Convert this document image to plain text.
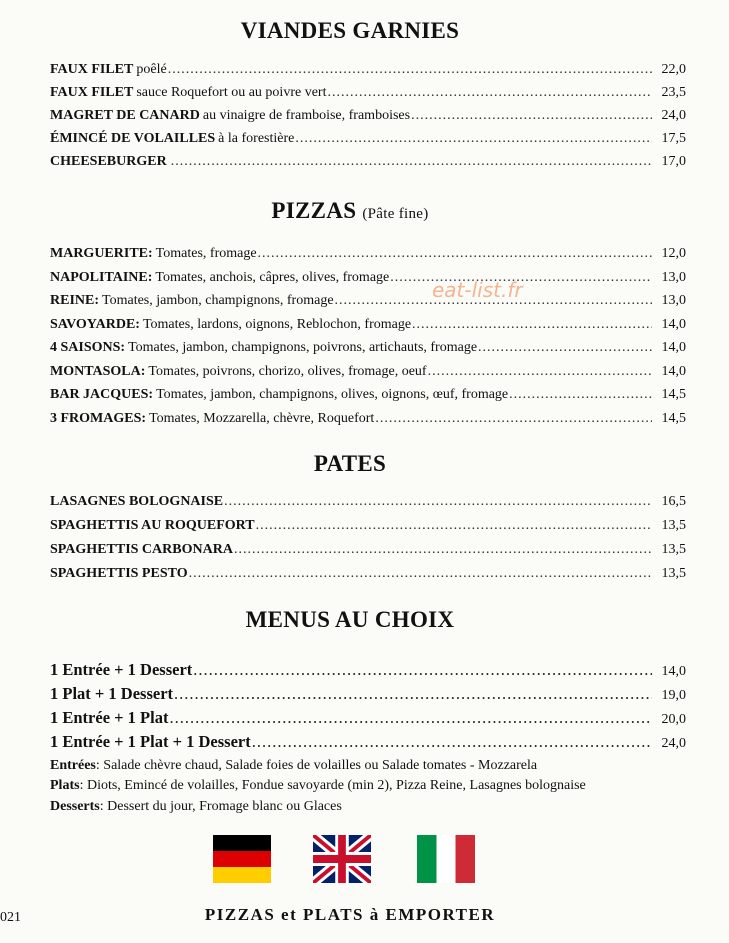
VIANDES GARNIES
FAUX FILET poêlé .....	22,0
FAUX FILET sauce Roquefort ou au poivre vert .....	23,5
MAGRET DE CANARD au vinaigre de framboise, framboises .....	24,0
ÉMINCÉ DE VOLAILLES à la forestière .....	17,5
CHEESEBURGER .....	17,0
PIZZAS (Pâte fine)
MARGUERITE: Tomates, fromage .....	12,0
NAPOLITAINE: Tomates, anchois, câpres, olives, fromage .....	13,0
REINE: Tomates, jambon, champignons, fromage .....	13,0
SAVOYARDE: Tomates, lardons, oignons, Reblochon, fromage .....	14,0
4 SAISONS: Tomates, jambon, champignons, poivrons, artichauts, fromage .....	14,0
MONTASOLA: Tomates, poivrons, chorizo, olives, fromage, oeuf .....	14,0
BAR JACQUES: Tomates, jambon, champignons, olives, oignons, œuf, fromage .....	14,5
3 FROMAGES: Tomates, Mozzarella, chèvre, Roquefort .....	14,5
eat-list.fr
PATES
LASAGNES BOLOGNAISE .....	16,5
SPAGHETTIS AU ROQUEFORT .....	13,5
SPAGHETTIS CARBONARA .....	13,5
SPAGHETTIS PESTO .....	13,5
MENUS AU CHOIX
1 Entrée + 1 Dessert .....	14,0
1 Plat + 1 Dessert .....	19,0
1 Entrée + 1 Plat .....	20,0
1 Entrée + 1 Plat + 1 Dessert .....	24,0
Entrées: Salade chèvre chaud, Salade foies de volailles ou Salade tomates - Mozzarela
Plats: Diots, Emincé de volailles, Fondue savoyarde (min 2), Pizza Reine, Lasagnes bolognaise
Desserts: Dessert du jour, Fromage blanc ou Glaces
021	PIZZAS et PLATS à EMPORTER
